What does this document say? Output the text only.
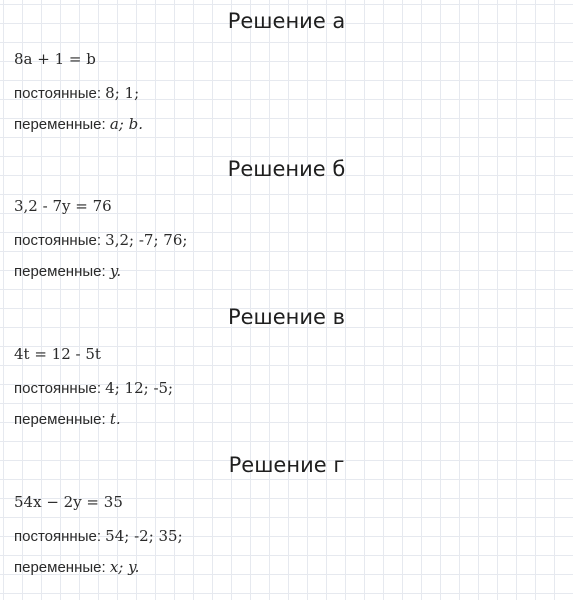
Решение а
8a + 1 = b
постоянные: 8; 1;
переменные: a; b.
Решение б
3,2 - 7y = 76
постоянные: 3,2; -7; 76;
переменные: y.
Решение в
4t = 12 - 5t
постоянные: 4; 12; -5;
переменные: t.
Решение г
54x − 2y = 35
постоянные: 54; -2; 35;
переменные: x; y.
